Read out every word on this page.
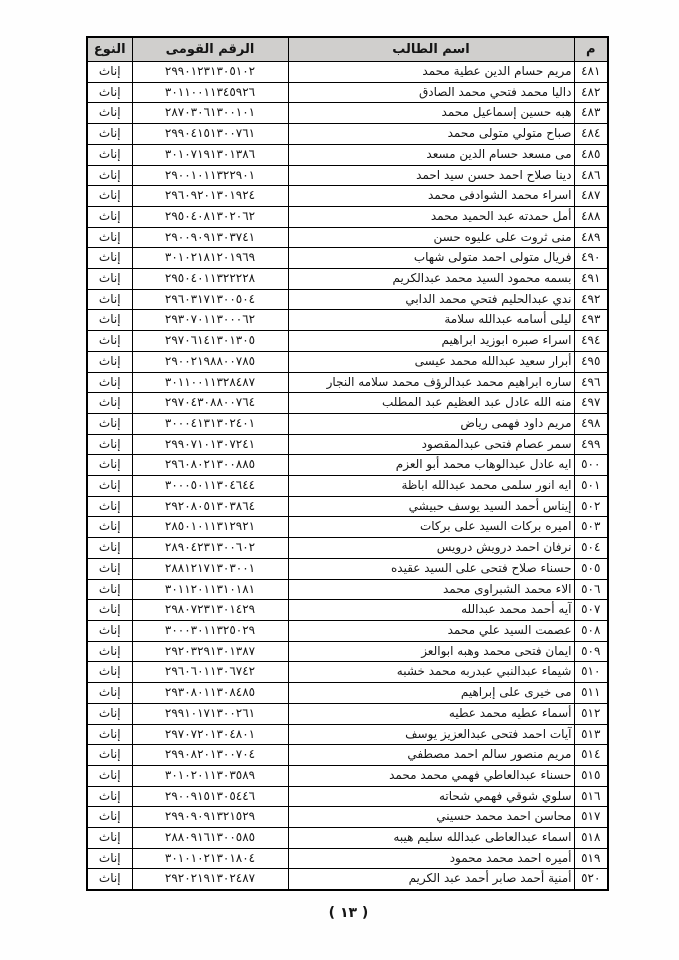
م	اسم الطالب	الرقم القومى	النوع
٤٨١	مريم حسام الدين عطية محمد	٢٩٩٠١٢٣١٣٠٥١٠٢	إناث
٤٨٢	داليا محمد فتحي محمد الصادق	٣٠١١٠٠١١٣٤٥٩٢٦	إناث
٤٨٣	هبه حسين إسماعيل محمد	٢٨٧٠٣٠٦١٣٠٠١٠١	إناث
٤٨٤	صباح متولي متولى محمد	٢٩٩٠٤١٥١٣٠٠٧٦١	إناث
٤٨٥	مى مسعد حسام الدين مسعد	٣٠١٠٧١٩١٣٠١٣٨٦	إناث
٤٨٦	دينا صلاح احمد حسن سيد احمد	٢٩٠٠١٠١١٣٢٢٩٠١	إناث
٤٨٧	اسراء محمد الشوادفى محمد	٢٩٦٠٩٢٠١٣٠١٩٢٤	إناث
٤٨٨	أمل حمدته عبد الحميد محمد	٢٩٥٠٤٠٨١٣٠٢٠٦٢	إناث
٤٨٩	منى ثروت على عليوه حسن	٢٩٠٠٩٠٩١٣٠٣٧٤١	إناث
٤٩٠	فريال متولى احمد متولى شهاب	٣٠١٠٢١٨١٢٠١٩٦٩	إناث
٤٩١	بسمه محمود السيد محمد عبدالكريم	٢٩٥٠٤٠١١٣٢٢٢٢٨	إناث
٤٩٢	ندي عبدالحليم فتحي محمد الدابي	٢٩٦٠٣١٧١٣٠٠٥٠٤	إناث
٤٩٣	ليلى أسامه عبدالله سلامة	٢٩٣٠٧٠١١٣٠٠٠٦٢	إناث
٤٩٤	اسراء صبره ابوزيد ابراهيم	٢٩٧٠٦١٤١٣٠١٣٠٥	إناث
٤٩٥	أبرار سعيد عبدالله محمد عيسى	٢٩٠٠٢١٩٨٨٠٠٧٨٥	إناث
٤٩٦	ساره ابراهيم محمد عبدالرؤف محمد سلامه النجار	٣٠١١٠٠١١٣٢٨٤٨٧	إناث
٤٩٧	منه الله عادل عبد العظيم عبد المطلب	٢٩٧٠٤٣٠٨٨٠٠٧٦٤	إناث
٤٩٨	مريم داود فهمى رياض	٣٠٠٠٤١٣١٣٠٢٤٠١	إناث
٤٩٩	سمر عصام فتحى عبدالمقصود	٢٩٩٠٧١٠١٣٠٧٢٤١	إناث
٥٠٠	ايه عادل عبدالوهاب محمد أبو العزم	٢٩٦٠٨٠٢١٣٠٠٨٨٥	إناث
٥٠١	ايه انور سلمى محمد عبدالله اباظة	٣٠٠٠٥٠١١٣٠٤٦٤٤	إناث
٥٠٢	إيناس أحمد السيد يوسف حبيشي	٢٩٢٠٨٠٥١٣٠٣٨٦٤	إناث
٥٠٣	اميره بركات السيد على بركات	٢٨٥٠١٠١١٣١٢٩٢١	إناث
٥٠٤	نرفان احمد درويش درويس	٢٨٩٠٤٢٣١٣٠٠٦٠٢	إناث
٥٠٥	حسناء صلاح فتحى على السيد عقيده	٢٨٨١٢١٧١٣٠٣٠٠١	إناث
٥٠٦	الاء محمد الشبراوى محمد	٣٠١١٢٠١١٣١٠١٨١	إناث
٥٠٧	آيه أحمد محمد عبدالله	٢٩٨٠٧٢٣١٣٠١٤٢٩	إناث
٥٠٨	عصمت السيد علي محمد	٣٠٠٠٣٠١١٣٢٥٠٢٩	إناث
٥٠٩	ايمان فتحى محمد وهبه ابوالعز	٢٩٢٠٣٢٩١٣٠١٣٨٧	إناث
٥١٠	شيماء عبدالنبي عبدربه محمد خشبه	٢٩٦٠٦٠١١٣٠٦٧٤٢	إناث
٥١١	مى خيرى على إبراهيم	٢٩٣٠٨٠١١٣٠٨٤٨٥	إناث
٥١٢	أسماء عطيه محمد عطيه	٢٩٩١٠١٧١٣٠٠٢٦١	إناث
٥١٣	آيات احمد فتحى عبدالعزيز يوسف	٢٩٧٠٧٢٠١٣٠٤٨٠١	إناث
٥١٤	مريم منصور سالم احمد مصطفي	٢٩٩٠٨٢٠١٣٠٠٧٠٤	إناث
٥١٥	حسناء عبدالعاطي فهمي محمد محمد	٣٠١٠٢٠١١٣٠٣٥٨٩	إناث
٥١٦	سلوي شوقي فهمي شحاته	٢٩٠٠٩١٥١٣٠٥٤٤٦	إناث
٥١٧	محاسن احمد محمد حسيني	٢٩٩٠٩٠٩١٣٢١٥٢٩	إناث
٥١٨	اسماء عبدالعاطى عبدالله سليم هيبه	٢٨٨٠٩١٦١٣٠٠٥٨٥	إناث
٥١٩	أميره احمد محمد محمود	٣٠١٠١٠٢١٣٠١٨٠٤	إناث
٥٢٠	أمنية أحمد صابر أحمد عبد الكريم	٢٩٢٠٢١٩١٣٠٢٤٨٧	إناث
( ١٣ )
